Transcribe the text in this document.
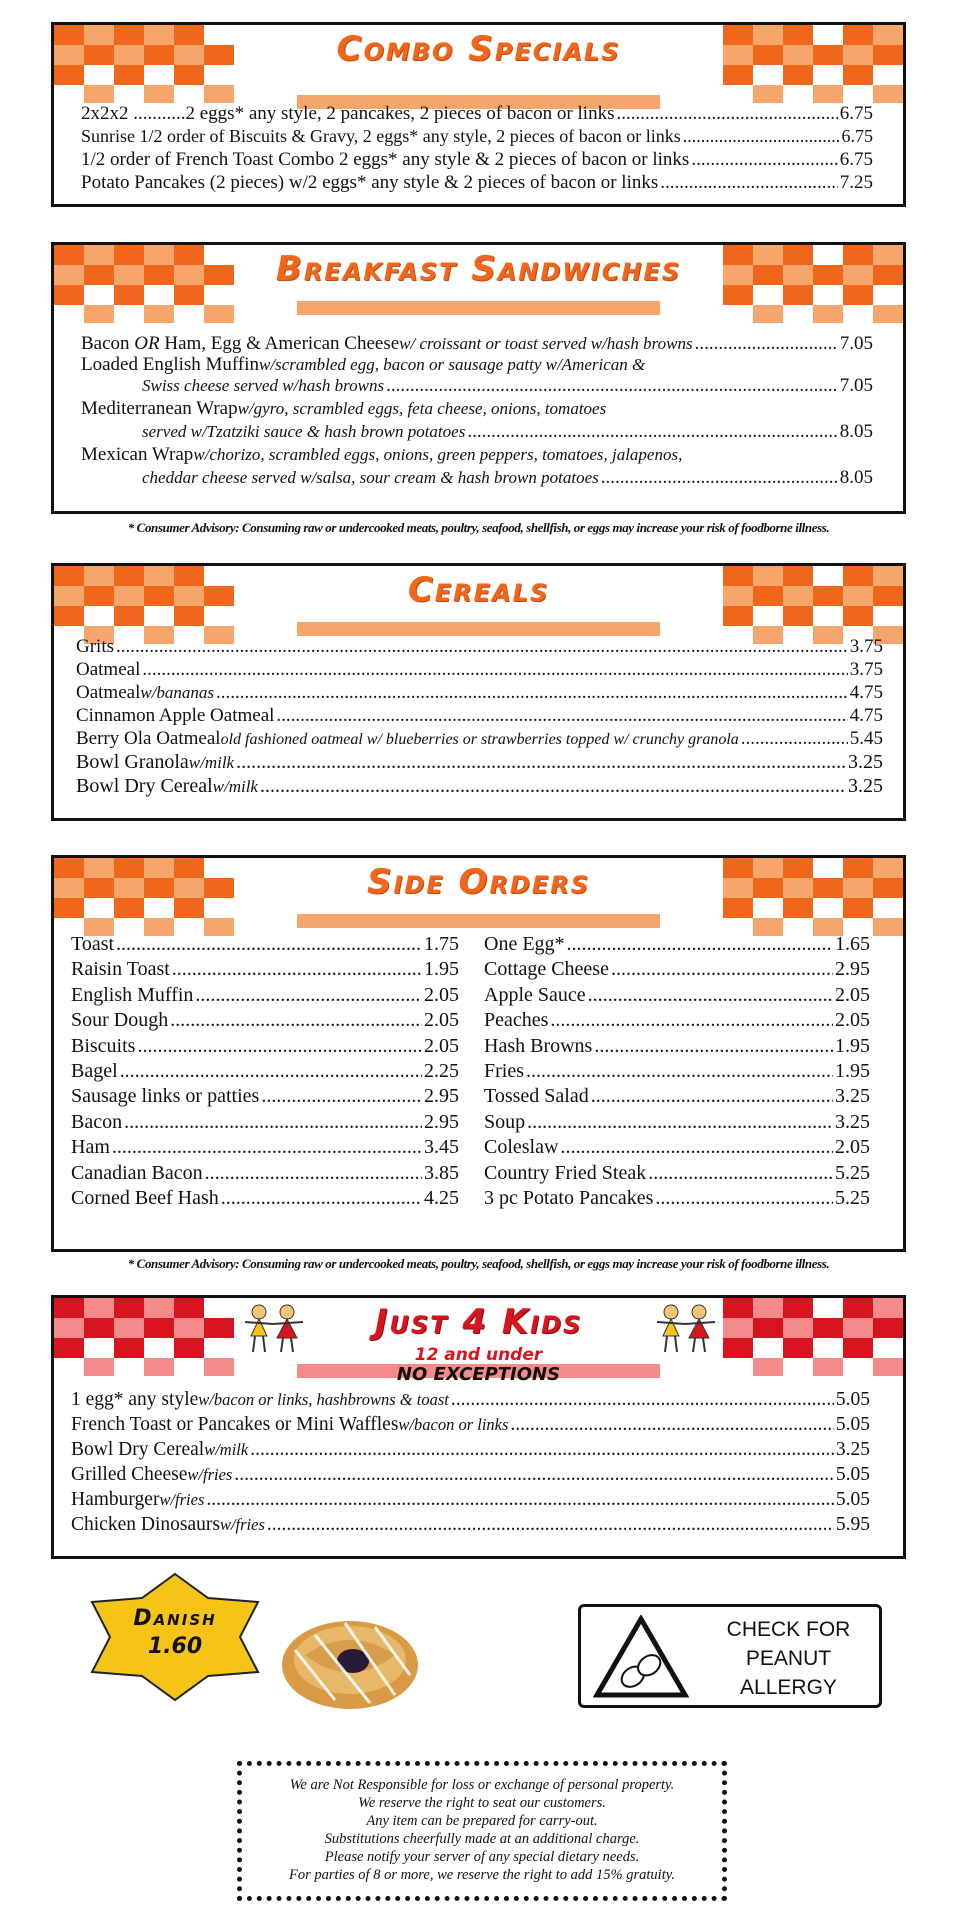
Combo Specials
2x2x2 ...........2 eggs* any style, 2 pancakes, 2 pieces of bacon or links .....	6.75
Sunrise 1/2 order of Biscuits & Gravy, 2 eggs* any style, 2 pieces of bacon or links .....	6.75
1/2 order of French Toast Combo 2 eggs* any style & 2 pieces of bacon or links .....	6.75
Potato Pancakes (2 pieces) w/2 eggs* any style & 2 pieces of bacon or links .....	7.25
Breakfast Sandwiches
Bacon OR Ham, Egg & American Cheese w/ croissant or toast served w/hash browns .....	7.05
Loaded English Muffin w/scrambled egg, bacon or sausage patty w/American &
Swiss cheese served w/hash browns .....	7.05
Mediterranean Wrap w/gyro, scrambled eggs, feta cheese, onions, tomatoes
served w/Tzatziki sauce & hash brown potatoes .....	8.05
Mexican Wrap w/chorizo, scrambled eggs, onions, green peppers, tomatoes, jalapenos,
cheddar cheese served w/salsa, sour cream & hash brown potatoes .....	8.05
* Consumer Advisory: Consuming raw or undercooked meats, poultry, seafood, shellfish, or eggs may increase your risk of foodborne illness.
Cereals
Grits .....	3.75
Oatmeal .....	3.75
Oatmeal w/bananas .....	4.75
Cinnamon Apple Oatmeal .....	4.75
Berry Ola Oatmeal old fashioned oatmeal w/ blueberries or strawberries topped w/ crunchy granola .....	5.45
Bowl Granola w/milk .....	3.25
Bowl Dry Cereal w/milk .....	3.25
Side Orders
Toast .....	1.75
Raisin Toast .....	1.95
English Muffin .....	2.05
Sour Dough .....	2.05
Biscuits .....	2.05
Bagel .....	2.25
Sausage links or patties .....	2.95
Bacon .....	2.95
Ham .....	3.45
Canadian Bacon .....	3.85
Corned Beef Hash .....	4.25
One Egg* .....	1.65
Cottage Cheese .....	2.95
Apple Sauce .....	2.05
Peaches .....	2.05
Hash Browns .....	1.95
Fries .....	1.95
Tossed Salad .....	3.25
Soup .....	3.25
Coleslaw .....	2.05
Country Fried Steak .....	5.25
3 pc Potato Pancakes .....	5.25
* Consumer Advisory: Consuming raw or undercooked meats, poultry, seafood, shellfish, or eggs may increase your risk of foodborne illness.
Just 4 Kids
12 and under
NO EXCEPTIONS
1 egg* any style w/bacon or links, hashbrowns & toast .....	5.05
French Toast or Pancakes or Mini Waffles w/bacon or links .....	5.05
Bowl Dry Cereal w/milk .....	3.25
Grilled Cheese w/fries .....	5.05
Hamburger w/fries .....	5.05
Chicken Dinosaurs w/fries .....	5.95
Danish
1.60
CHECK FOR
PEANUT
ALLERGY
We are Not Responsible for loss or exchange of personal property.
We reserve the right to seat our customers.
Any item can be prepared for carry-out.
Substitutions cheerfully made at an additional charge.
Please notify your server of any special dietary needs.
For parties of 8 or more, we reserve the right to add 15% gratuity.
